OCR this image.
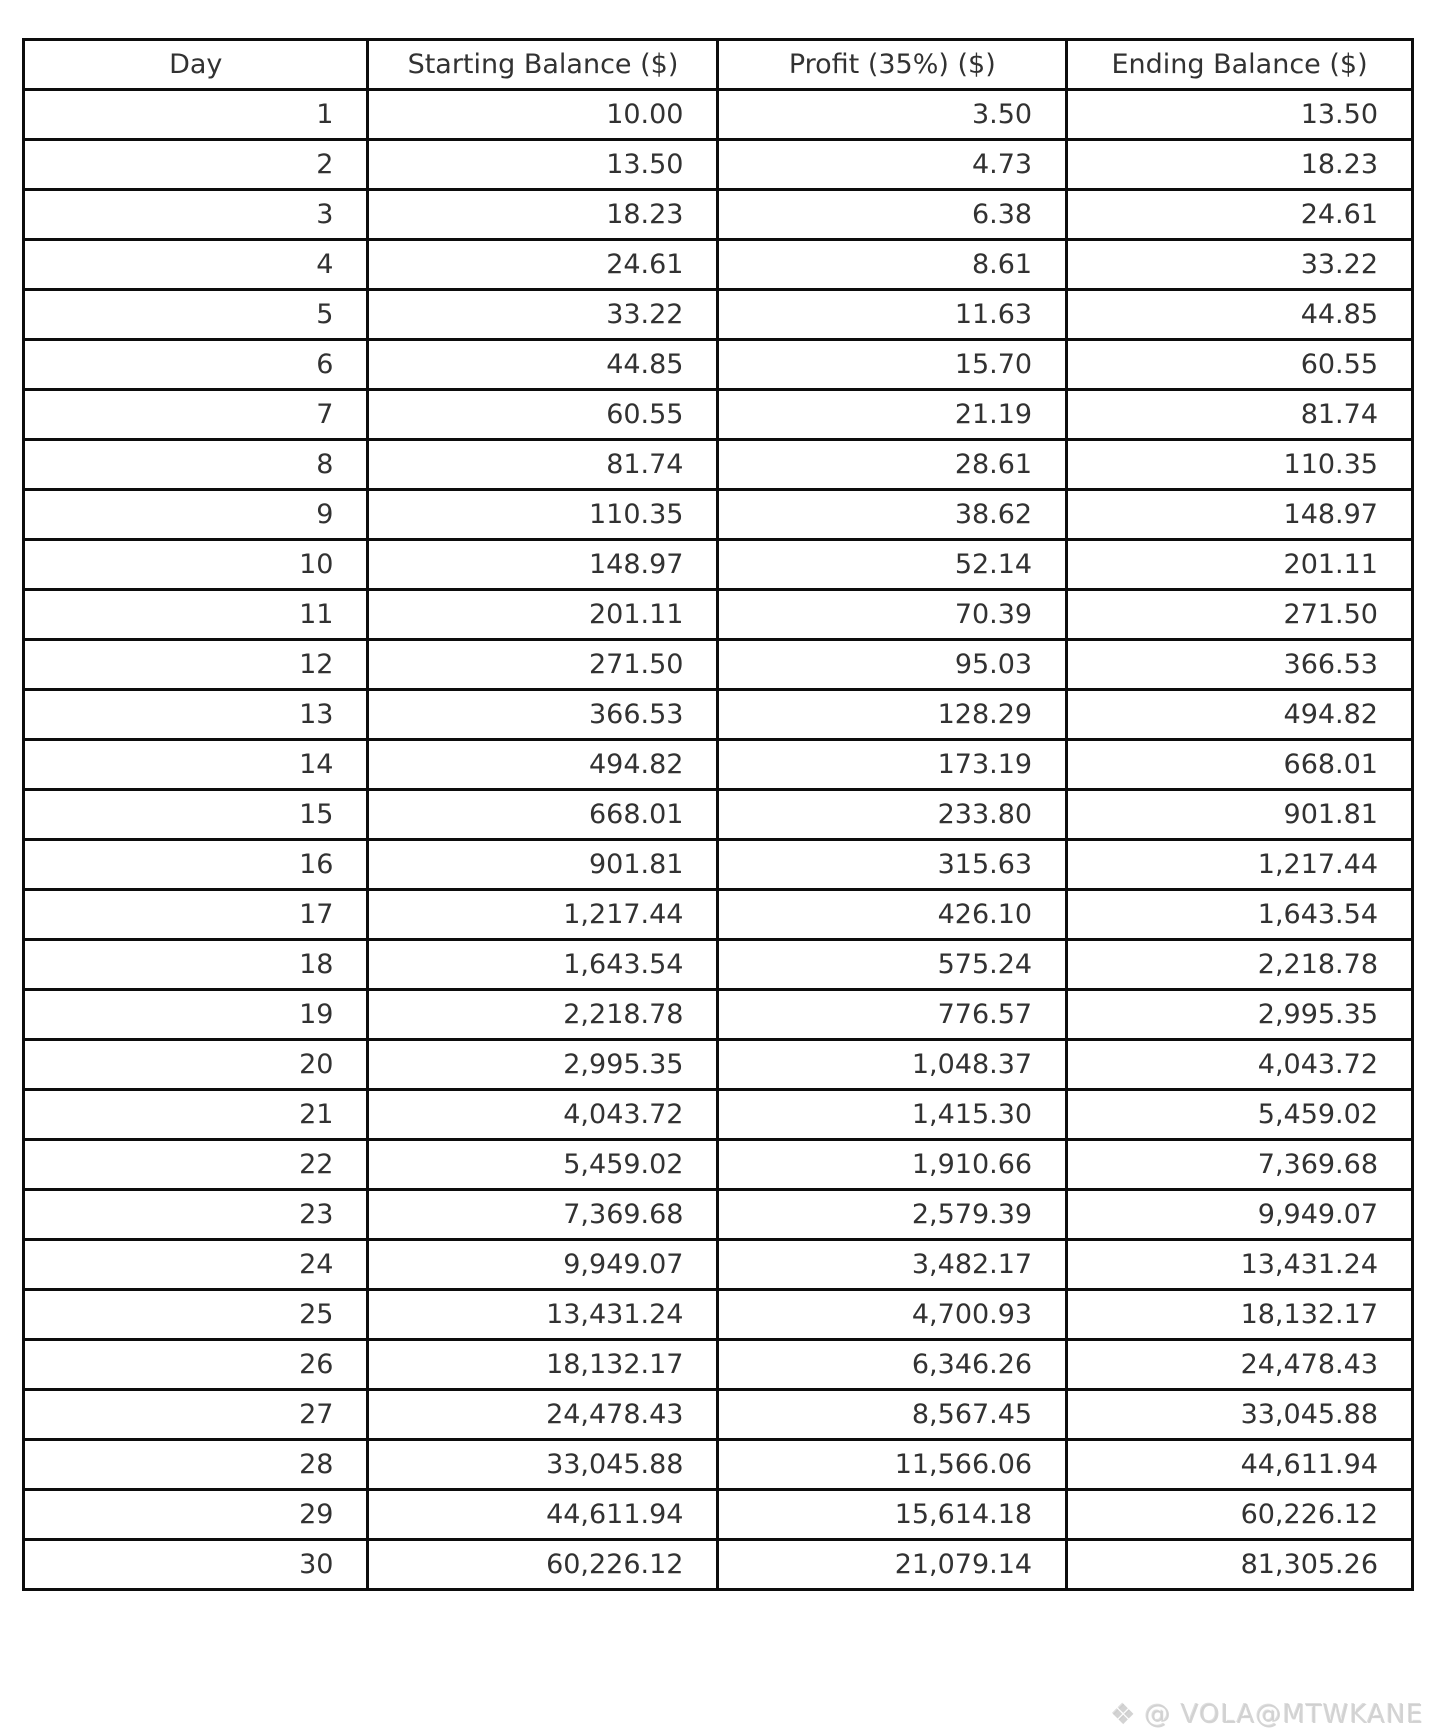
Day	Starting Balance ($)	Profit (35%) ($)	Ending Balance ($)
1	10.00	3.50	13.50
2	13.50	4.73	18.23
3	18.23	6.38	24.61
4	24.61	8.61	33.22
5	33.22	11.63	44.85
6	44.85	15.70	60.55
7	60.55	21.19	81.74
8	81.74	28.61	110.35
9	110.35	38.62	148.97
10	148.97	52.14	201.11
11	201.11	70.39	271.50
12	271.50	95.03	366.53
13	366.53	128.29	494.82
14	494.82	173.19	668.01
15	668.01	233.80	901.81
16	901.81	315.63	1,217.44
17	1,217.44	426.10	1,643.54
18	1,643.54	575.24	2,218.78
19	2,218.78	776.57	2,995.35
20	2,995.35	1,048.37	4,043.72
21	4,043.72	1,415.30	5,459.02
22	5,459.02	1,910.66	7,369.68
23	7,369.68	2,579.39	9,949.07
24	9,949.07	3,482.17	13,431.24
25	13,431.24	4,700.93	18,132.17
26	18,132.17	6,346.26	24,478.43
27	24,478.43	8,567.45	33,045.88
28	33,045.88	11,566.06	44,611.94
29	44,611.94	15,614.18	60,226.12
30	60,226.12	21,079.14	81,305.26
❖ @ VOLA@MTWKANE
